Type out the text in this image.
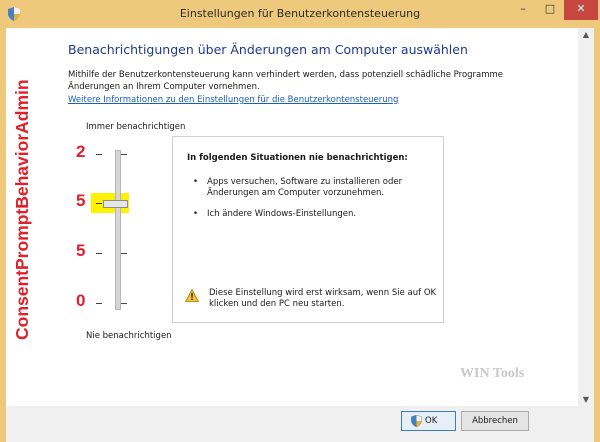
Einstellungen für Benutzerkontensteuerung	–	□	✕
▲
▼
Benachrichtigungen über Änderungen am Computer auswählen
Mithilfe der Benutzerkontensteuerung kann verhindert werden, dass potenziell schädliche Programme Änderungen an Ihrem Computer vornehmen.
Weitere Informationen zu den Einstellungen für die Benutzerkontensteuerung
ConsentPromptBehaviorAdmin	Immer benachrichtigen
2
5
5
0
Nie benachrichtigen
In folgenden Situationen nie benachrichtigen:
• Apps versuchen, Software zu installieren oder Änderungen am Computer vorzunehmen.
• Ich ändere Windows-Einstellungen.
Diese Einstellung wird erst wirksam, wenn Sie auf OK klicken und den PC neu starten.
WIN Tools
OK	Abbrechen
